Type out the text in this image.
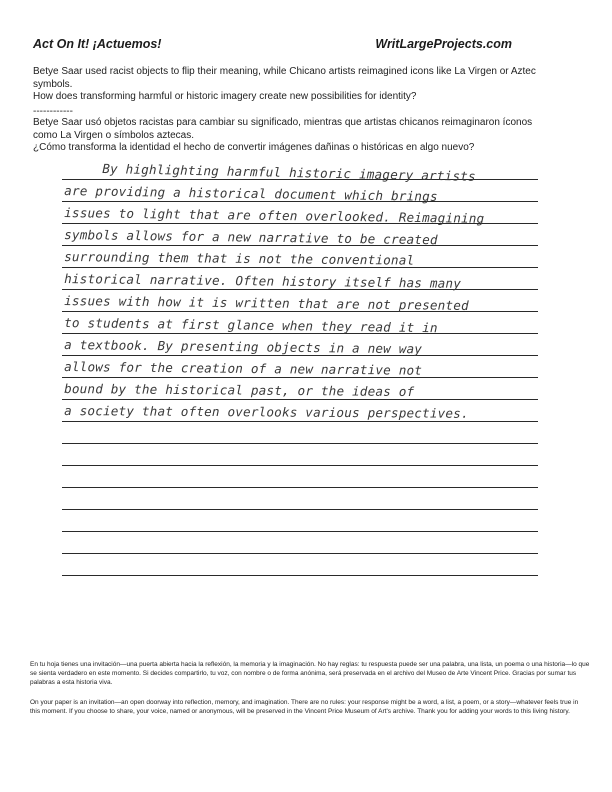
Act On It! ¡Actuemos!	WritLargeProjects.com

Betye Saar used racist objects to flip their meaning, while Chicano artists reimagined icons like La Virgen or Aztec symbols.

How does transforming harmful or historic imagery create new possibilities for identity?

------------

Betye Saar usó objetos racistas para cambiar su significado, mientras que artistas chicanos reimaginaron íconos como La Virgen o símbolos aztecas.

¿Cómo transforma la identidad el hecho de convertir imágenes dañinas o históricas en algo nuevo?

By highlighting harmful historic imagery artists
are providing a historical document which brings
issues to light that are often overlooked. Reimagining
symbols allows for a new narrative to be created
surrounding them that is not the conventional
historical narrative. Often history itself has many
issues with how it is written that are not presented
to students at first glance when they read it in
a textbook. By presenting objects in a new way
allows for the creation of a new narrative not
bound by the historical past, or the ideas of
a society that often overlooks various perspectives.

En tu hoja tienes una invitación—una puerta abierta hacia la reflexión, la memoria y la imaginación. No hay reglas: tu respuesta puede ser una palabra, una lista, un poema o una historia—lo que se sienta verdadero en este momento. Si decides compartirlo, tu voz, con nombre o de forma anónima, será preservada en el archivo del Museo de Arte Vincent Price. Gracias por sumar tus palabras a esta historia viva.

On your paper is an invitation—an open doorway into reflection, memory, and imagination. There are no rules: your response might be a word, a list, a poem, or a story—whatever feels true in this moment. If you choose to share, your voice, named or anonymous, will be preserved in the Vincent Price Museum of Art's archive. Thank you for adding your words to this living history.
